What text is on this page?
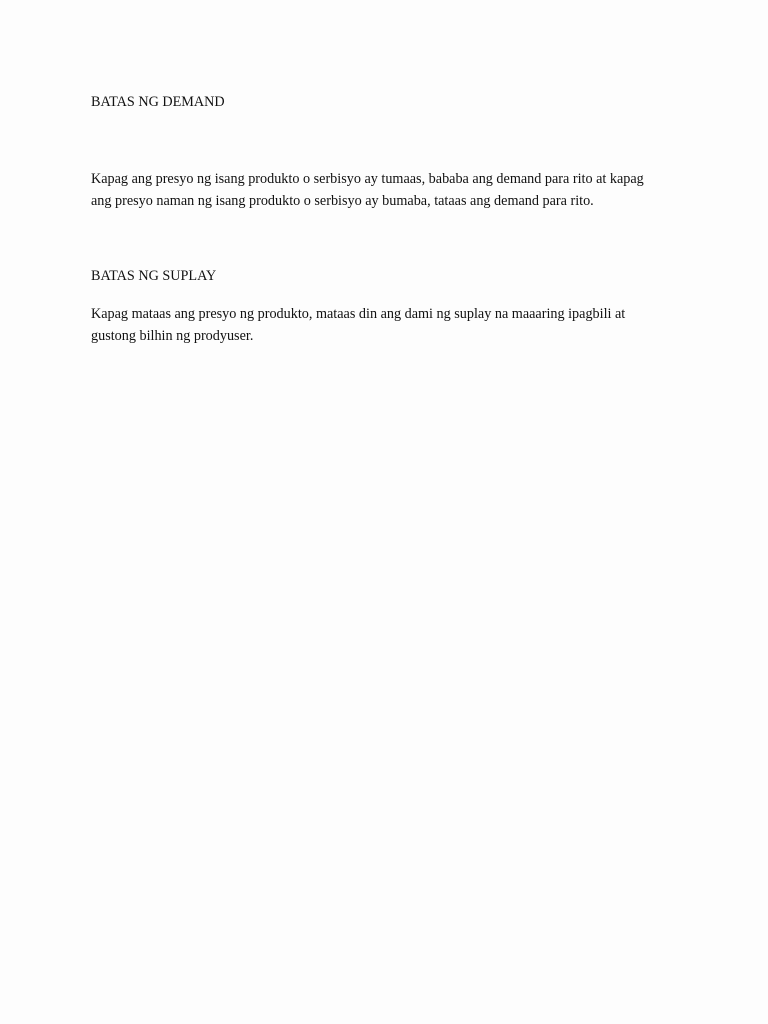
BATAS NG DEMAND

Kapag ang presyo ng isang produkto o serbisyo ay tumaas, bababa ang demand para rito at kapag
ang presyo naman ng isang produkto o serbisyo ay bumaba, tataas ang demand para rito.

BATAS NG SUPLAY

Kapag mataas ang presyo ng produkto, mataas din ang dami ng suplay na maaaring ipagbili at
gustong bilhin ng prodyuser.
